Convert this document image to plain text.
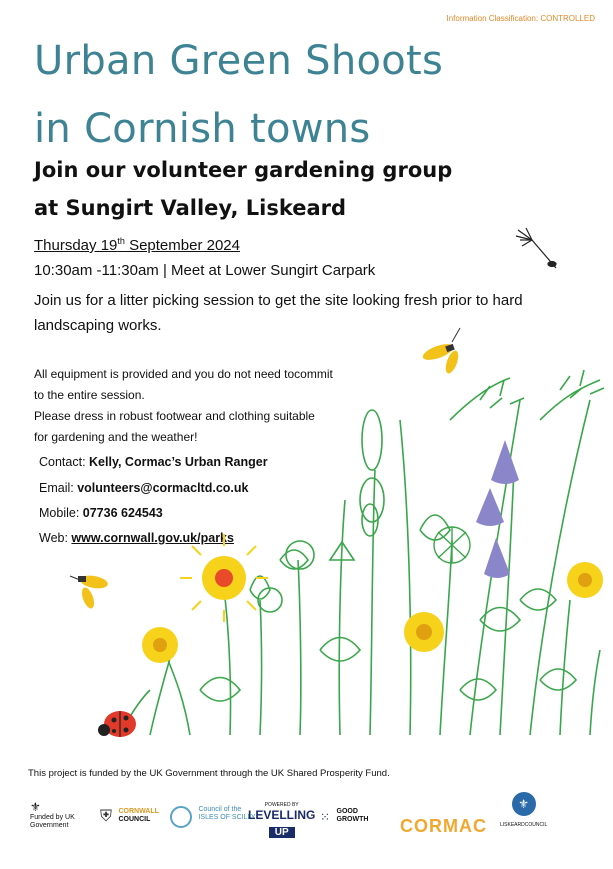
Information Classification: CONTROLLED
Urban Green Shoots
in Cornish towns
Join our volunteer gardening group
at Sungirt Valley, Liskeard
Thursday 19th September 2024
10:30am -11:30am | Meet at Lower Sungirt Carpark
Join us for a litter picking session to get the site looking fresh prior to hard landscaping works.
All equipment is provided and you do not need tocommit
to the entire session.
Please dress in robust footwear and clothing suitable
for gardening and the weather!
Contact: Kelly, Cormac’s Urban Ranger
Email: volunteers@cormacltd.co.uk
Mobile: 07736 624543
Web: www.cornwall.gov.uk/parks
This project is funded by the UK Government through the UK Shared Prosperity Fund.
⚜
Funded by UK Government
⛨ CORNWALL
COUNCIL

Council of the
ISLES OF SCILLY
POWERED BY
LEVELLING
UP
⁙ GOOD
GROWTH CORMAC
⚜
LISKEARDCOUNCIL
